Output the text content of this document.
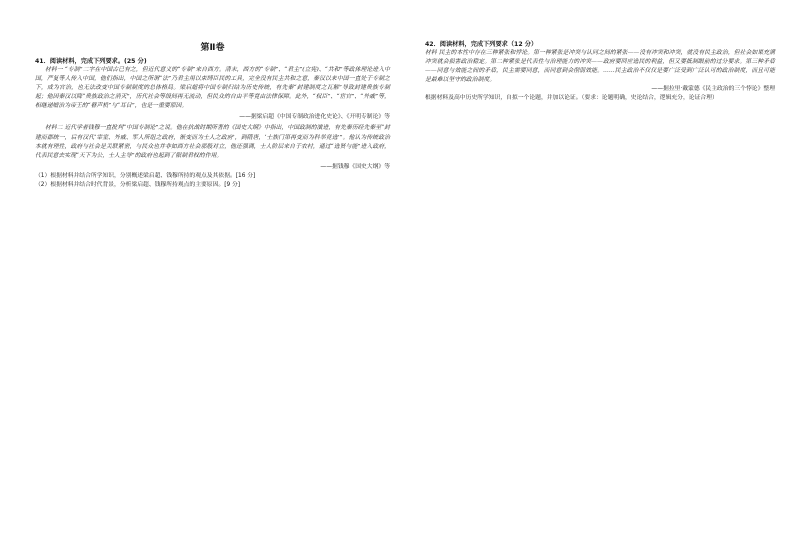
第Ⅱ卷
41．阅读材料，完成下列要求。(25 分)
材料一 “专制”二字在中国古已有之，但近代意义的“专制”来自西方。清末，西方的“专制”、“君主”(立宪)、“共和”等政体理论进入中国，严复等人传入中国，他们指出，中国之所谓“法”乃君主用以束缚臣民的工具，完全没有民主共和之意，秦汉以来中国一直处于专制之下，成为官治，也无法改变中国专制制度的总体格局。梁启超将中国专制归结为历史传统，有先秦“封建制度之瓦解”导致封建贵族专制起；他因秦汉以降“贵族政治之消灭”，历代社会等级间再无流动，但民众的自由平等竟由法律保障。此外，“权臣”、“宦官”、“外戚”等，相继递嬗治为帝王的“瞽声机”与“耳目”，也是一重要原因。
——据梁启超《中国专制政治进化史论》、《开明专制论》等
材料二 近代学者钱穆一直批判“中国专制论”之说。他在抗战时期所著的《国史大纲》中指出，中国政制的演进，有先秦历经先秦至“封建而郡统一，后有汉代‘宰室、外戚、军人所组之政府，渐变而为士人之政府’，到隋唐，‘士族门第再变而为科举竞选’”。他认为传统政治本就有理性，政府与社会是关联紧密，与民众也并非如西方社会那般对立，他还强调，士人阶层来自于农村，通过“选贤与能”进入政府，代表民意去实现“天下为公，士人主导”的政府也起到了限制君权的作用。
——据钱穆《国史大纲》等
（1）根据材料并结合所学知识，分别概述梁启超、钱穆所持的观点及其依据。[16 分]
（2）根据材料并结合时代背景，分析梁启超、钱穆所持观点的主要原因。[9 分]
42．阅读材料，完成下列要求（12 分）
材料 民主的本性中存在三种紧张和悖论。第一种紧张是冲突与认同之间的紧张——没有冲突和冲突，就没有民主政治，但社会如果充满冲突就会损害政治稳定。第二种紧张是代表性与治理能力的冲突——政府要回应选民的利益，但又要抵制眼前的过分要求。第三种矛盾——同意与效能之间的矛盾，民主需要同意，而同意到会削弱效能。……民主政治不仅仅是要广泛受到广泛认可的政治制度，而且可能是最难以坚守的政治制度。
——据拉里·戴蒙德《民主政治的三个悖论》整理
根据材料及高中历史所学知识，自拟一个论题，并加以论证。（要求：论题明确，史论结合，逻辑充分，论证合理）
